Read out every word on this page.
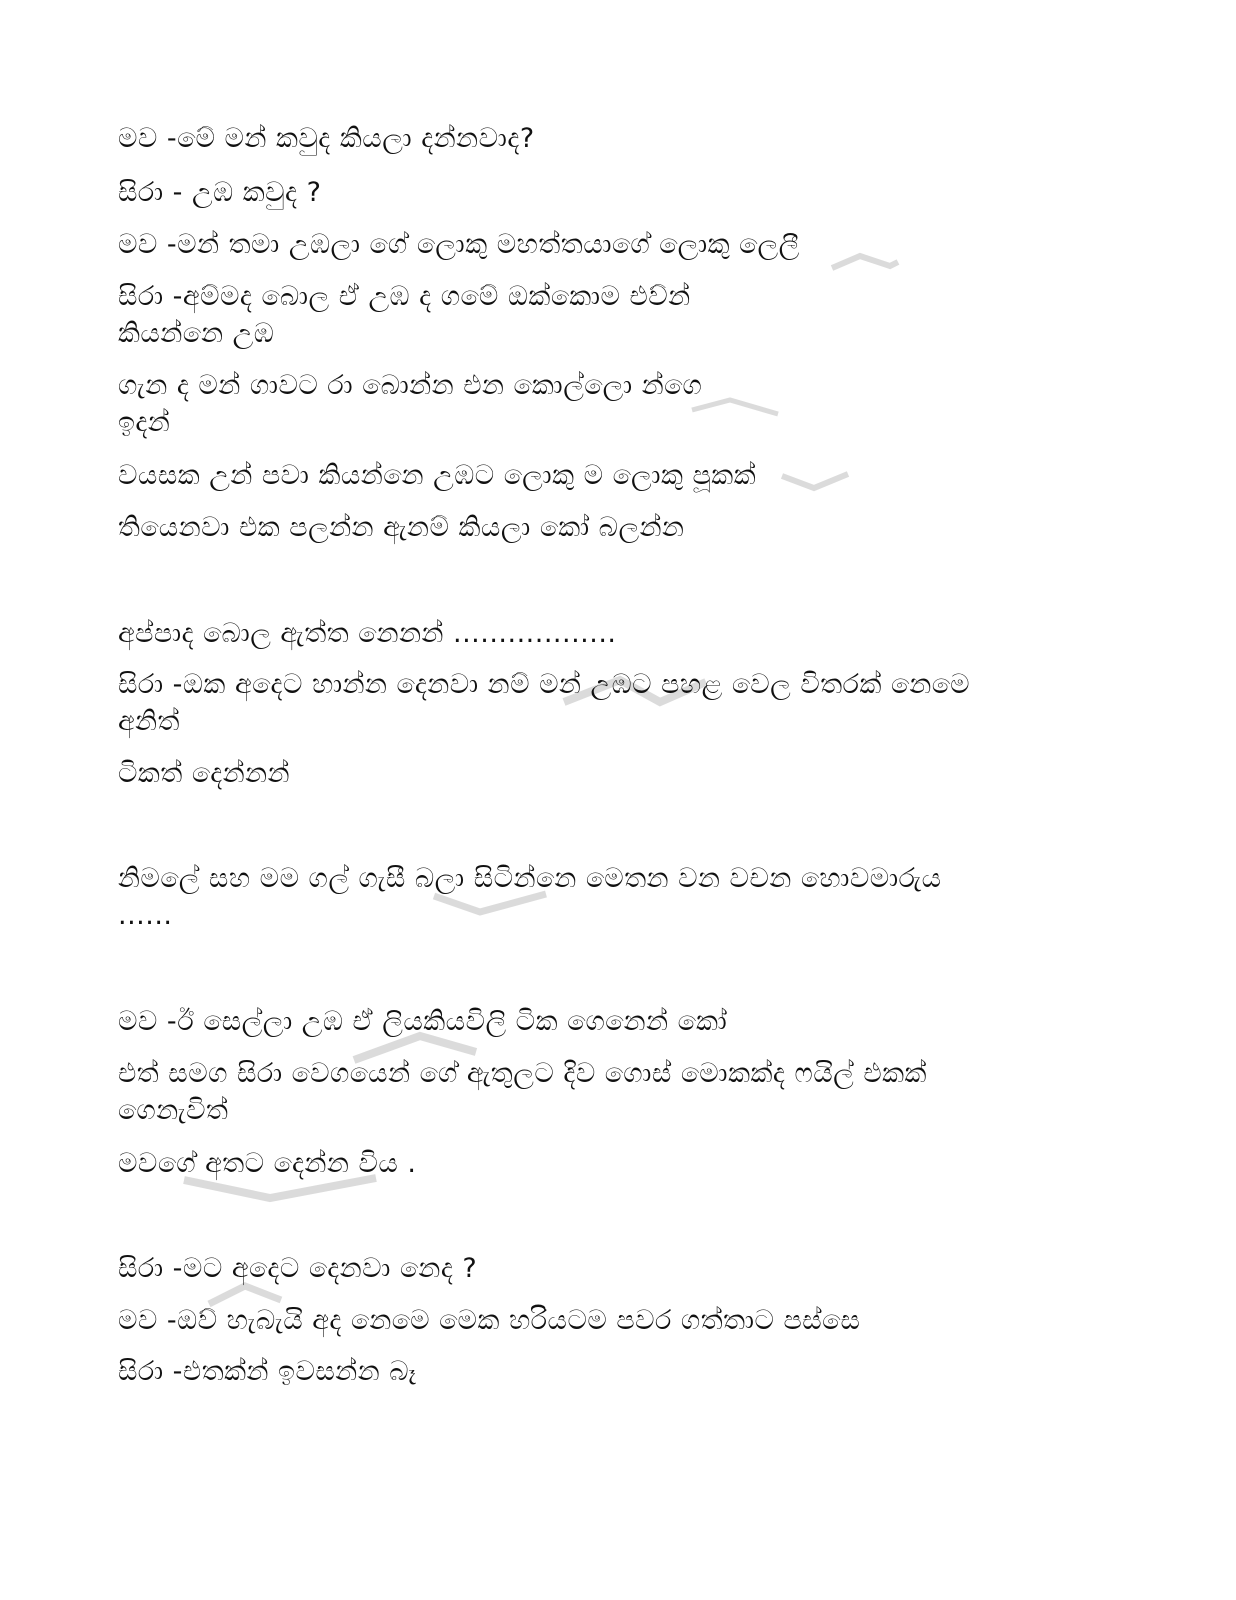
මව -මේ මන් කවුද කියලා දන්නවාද?
සිරා - උඹ කවුද ?
මව -මන් තමා උඹලා ගේ ලොකු මහත්තයාගේ ලොකු ලෙලී
සිරා -අම්මද බොල ඒ උඹ ද ගමේ ඔක්කොම එව්න්
කියන්නෙ උඹ
ගැන ද මන් ගාවට රා බොන්න එන කොල්ලො න්ගෙ
ඉදන්
වයසක උන් පවා කියන්නෙ උඹට ලොකු ම ලොකු පූකක්
තියෙනවා එක පලන්න ඇනම් කියලා කෝ බලන්න
අප්පාද බොල ඇත්ත නෙනන් ..................
සිරා -ඔක අදෙට හාන්න දෙනවා නම් මන් උඹට පහළ වෙල විතරක් නෙමෙ
අනිත්
ටිකත් දෙන්නන්
නිමලේ සහ මම ගල් ගැසී බලා සිටින්නෙ මෙතන වන වචන හොවමාරුය
......
මව -ඊ සෙල්ලා උඹ ඒ ලියකියවිලි ටික ගෙනෙන් කෝ
එත් සමග සිරා වෙගයෙන් ගේ ඇතුලට දිව ගොස් මොකක්ද ෆයිල් එකක්
ගෙනැවිත්
මවගේ අතට දෙන්න විය .
සිරා -මට අදෙට දෙනවා නෙද ?
මව -ඔව් හැබැයි අද නෙමෙ මෙක හරියටම පවර ගත්තාට පස්සෙ
සිරා -එතක්න් ඉවසන්න බෑ
